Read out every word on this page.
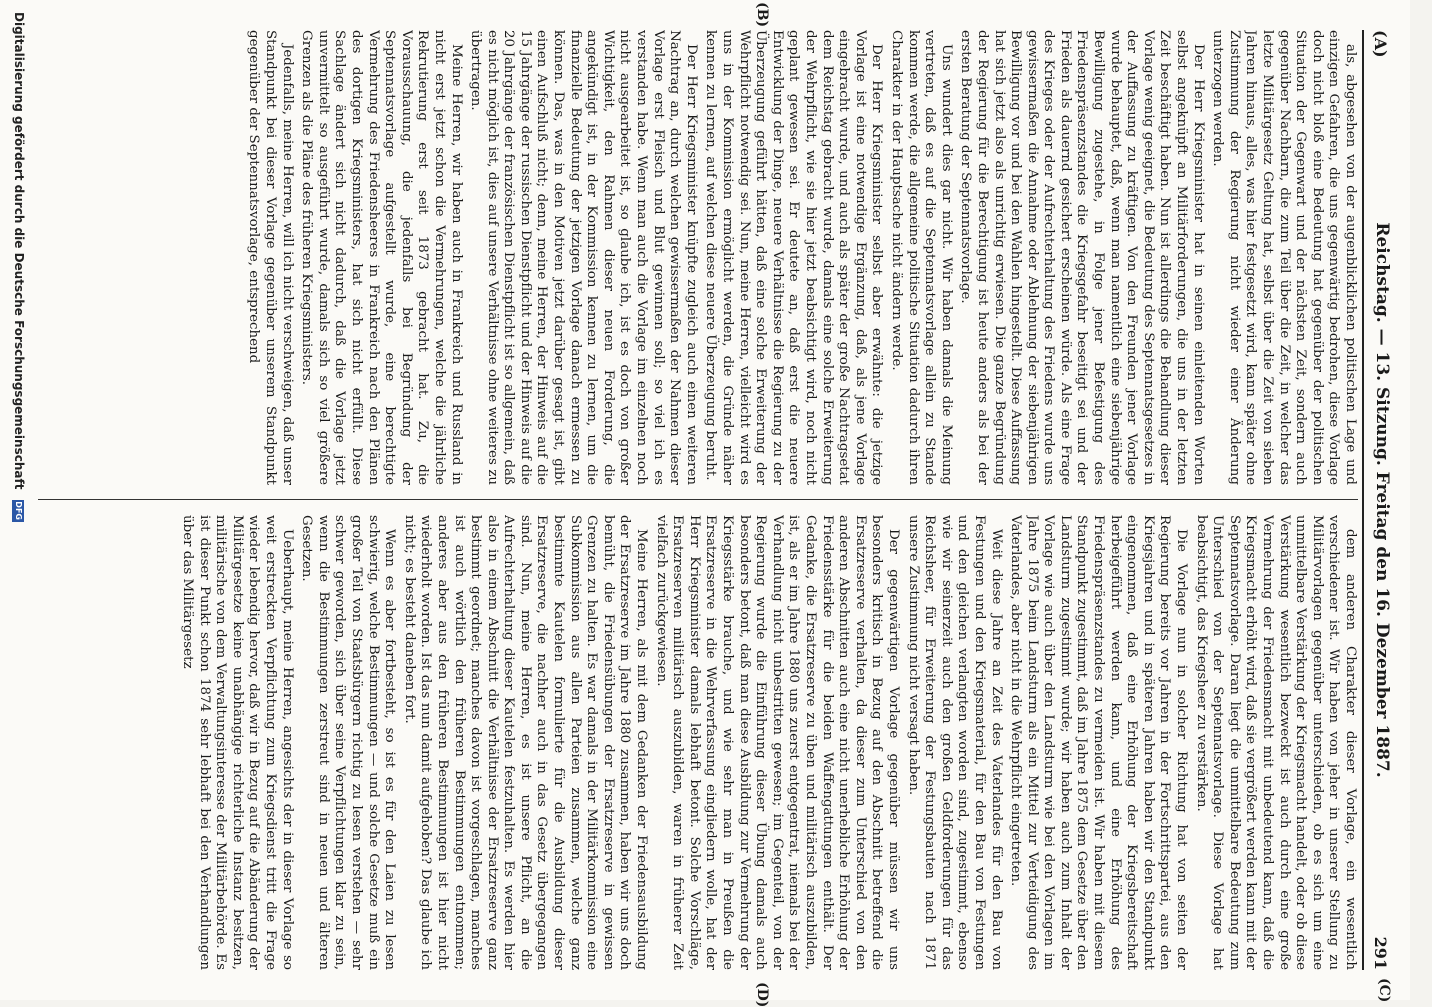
(A)
Reichstag. — 13. Sitzung. Freitag den 16. Dezember 1887.
291
(B)
(C)
(D)

als, abgesehen von der augenblicklichen politischen Lage und einzigen Gefahren, die uns gegenwärtig bedrohen, diese Vorlage doch nicht bloß eine Bedeutung hat gegenüber der politischen Situation der Gegenwart und der nächsten Zeit, sondern auch gegenüber Nachbarn, die zum Teil über die Zeit, in welcher das letzte Militärgesetz Geltung hat, selbst über die Zeit von sieben Jahren hinaus, alles, was hier festgesetzt wird, kann später ohne Zustimmung der Regierung nicht wieder einer Änderung unterzogen werden.

Der Herr Kriegsminister hat in seinen einleitenden Worten selbst angeknüpft an Militärforderungen, die uns in der letzten Zeit beschäftigt haben. Nun ist allerdings die Behandlung dieser Vorlage wenig geeignet, die Bedeutung des Septennatsgesetzes in der Auffassung zu kräftigen. Von den Freunden jener Vorlage wurde behauptet, daß, wenn man namentlich eine siebenjährige Bewilligung zugestehe, in Folge jener Befestigung des Friedenspräsenzstandes die Kriegsgefahr beseitigt sei und der Frieden als dauernd gesichert erscheinen würde. Als eine Frage des Krieges oder der Aufrechterhaltung des Friedens wurde uns gewissermaßen die Annahme oder Ablehnung der siebenjährigen Bewilligung vor und bei den Wahlen hingestellt. Diese Auffassung hat sich jetzt also als unrichtig erwiesen. Die ganze Begründung der Regierung für die Berechtigung ist heute anders als bei der ersten Beratung der Septennatsvorlage.

Uns wundert dies gar nicht. Wir haben damals die Meinung vertreten, daß es auf die Septennatsvorlage allein zu Stande kommen werde, die allgemeine politische Situation dadurch ihren Charakter in der Hauptsache nicht ändern werde.

Der Herr Kriegsminister selbst aber erwähnte: die jetzige Vorlage ist eine notwendige Ergänzung, daß, als jene Vorlage eingebracht wurde, und auch als später der große Nachtragsetat dem Reichstag gebracht wurde, damals eine solche Erweiterung der Wehrpflicht, wie sie hier jetzt beabsichtigt wird, noch nicht geplant gewesen sei. Er deutete an, daß erst die neuere Entwicklung der Dinge, neuere Verhältnisse die Regierung zu der Überzeugung geführt hätten, daß eine solche Erweiterung der Wehrpflicht notwendig sei. Nun, meine Herren, vielleicht wird es uns in der Kommission ermöglicht werden, die Gründe näher kennen zu lernen, auf welchen diese neuere Überzeugung beruht.

Der Herr Kriegsminister knüpfte zugleich auch einen weiteren Nachtrag an, durch welchen gewissermaßen der Nahmen dieser Vorlage erst Fleisch und Blut gewinnen soll; so viel ich es verstanden habe. Wenn man auch die Vorlage im einzelnen noch nicht ausgearbeitet ist, so glaube ich, ist es doch von großer Wichtigkeit, den Rahmen dieser neuen Forderung, die angekündigt ist, in der Kommission kennen zu lernen, um die finanzielle Bedeutung der jetzigen Vorlage danach ermessen zu können. Das, was in den Motiven jetzt darüber gesagt ist, gibt einen Aufschluß nicht; denn, meine Herren, der Hinweis auf die 15 Jahrgänge der russischen Dienstpflicht und der Hinweis auf die 20 Jahrgänge der französischen Dienstpflicht ist so allgemein, daß es nicht möglich ist, dies auf unsere Verhältnisse ohne weiteres zu übertragen.

Meine Herren, wir haben auch in Frankreich und Russland in nicht erst jetzt schon die Vermehrungen, welche die jährliche Rekrutierung erst seit 1873 gebracht hat. Zu, die Vorausschauung, die jedenfalls bei Begründung der Septennatsvorlage aufgestellt wurde, eine berechtigte Vermehrung des Friedensheeres in Frankreich nach den Plänen des dortigen Kriegsministers, hat sich nicht erfüllt. Diese Sachlage ändert sich nicht dadurch, daß die Vorlage jetzt unvermittelt so ausgeführt wurde, damals sich so viel größere Grenzen als die Pläne des früheren Kriegsministers.

Jedenfalls, meine Herren, will ich nicht verschweigen, daß unser Standpunkt bei dieser Vorlage gegenüber unserem Standpunkt gegenüber der Septennatsvorlage, entsprechend

dem anderen Charakter dieser Vorlage, ein wesentlich verschiedener ist. Wir haben von jeher in unserer Stellung zu Militärvorlagen gegenüber unterschieden, ob es sich um eine unmittelbare Verstärkung der Kriegsmacht handelt, oder ob diese Verstärkung wesentlich bezweckt ist auch durch eine große Vermehrung der Friedensmacht mit unbedeutend kann, daß die Kriegsmacht erhöht wird, daß sie vergrößert werden kann mit der Septennatsvorlage. Daran liegt die unmittelbare Bedeutung zum Unterschied von der Septennatsvorlage. Diese Vorlage hat beabsichtigt, das Kriegsheer zu verstärken.

Die Vorlage nun in solcher Richtung hat von seiten der Regierung bereits vor Jahren in der Fortschrittspartei, aus den Kriegsjahren und in späteren Jahren haben wir den Standpunkt eingenommen, daß eine Erhöhung der Kriegsbereitschaft herbeigeführt werden kann, und eine Erhöhung des Friedenspräsenzstandes zu vermeiden ist. Wir haben mit diesem Standpunkt zugestimmt, daß im Jahre 1875 dem Gesetze über den Landsturm zugestimmt wurde; wir haben auch zum Inhalt der Vorlage wie auch über den Landsturm wie bei den Vorlagen im Jahre 1875 beim Landsturm als ein Mittel zur Verteidigung des Vaterlandes, aber nicht in die Wehrpflicht eingetreten.

Weit diese Jahre an Zeit des Vaterlandes für den Bau von Festungen und den Kriegsmaterial, für den Bau von Festungen und den gleichen verlangten worden sind, zugestimmt, ebenso wie wir seinerzeit auch den großen Geldforderungen für das Reichsheer, für Erweiterung der Festungsbauten nach 1871 unsere Zustimmung nicht versagt haben.

Der gegenwärtigen Vorlage gegenüber müssen wir uns besonders kritisch in Bezug auf den Abschnitt betreffend die Ersatzreserve verhalten, da dieser zum Unterschied von den anderen Abschnitten auch eine nicht unerhebliche Erhöhung der Friedensstärke für die beiden Waffengattungen enthält. Der Gedanke, die Ersatzreserve zu üben und militärisch auszubilden, ist, als er im Jahre 1880 uns zuerst entgegentrat, niemals bei der Verhandlung nicht unbestritten gewesen; im Gegenteil, von der Regierung wurde die Einführung dieser Übung damals auch besonders betont, daß man diese Ausbildung zur Vermehrung der Kriegsstärke brauche, und wie sehr man in Preußen die Ersatzreserve in die Wehrverfassung eingliedern wolle, hat der Herr Kriegsminister damals lebhaft betont. Solche Vorschläge, Ersatzreserven militärisch auszubilden, waren in früherer Zeit vielfach zurückgewiesen.

Meine Herren, als mit dem Gedanken der Friedensausbildung der Ersatzreserve im Jahre 1880 zusammen, haben wir uns doch bemüht, die Friedensübungen der Ersatzreserve in gewissen Grenzen zu halten. Es war damals in der Militärkommission eine Subkommission aus allen Parteien zusammen, welche ganz bestimmte Kautelen formulierte für die Ausbildung dieser Ersatzreserve, die nachher auch in das Gesetz übergegangen sind. Nun, meine Herren, es ist unsere Pflicht, an die Aufrechterhaltung dieser Kautelen festzuhalten. Es werden hier also in einem Abschnitt die Verhältnisse der Ersatzreserve ganz bestimmt geordnet; manches davon ist vorgeschlagen, manches ist auch wörtlich den früheren Bestimmungen entnommen; anderes aber aus den früheren Bestimmungen ist hier nicht wiederholt worden. Ist das nun damit aufgehoben? Das glaube ich nicht; es besteht daneben fort.

Wenn es aber fortbesteht, so ist es für den Laien zu lesen schwierig, welche Bestimmungen — und solche Gesetze muß ein großer Teil von Staatsbürgern richtig zu lesen verstehen — sehr schwer geworden, sich über seine Verpflichtungen klar zu sein, wenn die Bestimmungen zerstreut sind in neuen und älteren Gesetzen.

Ueberhaupt, meine Herren, angesichts der in dieser Vorlage so weit erstreckten Verpflichtung zum Kriegsdienst tritt die Frage wieder lebendig hervor, daß wir in Bezug auf die Abänderung der Militärgesetze keine unabhängige richterliche Instanz besitzen, militärische von dem Verwaltungsinteresse der Militärbehörde. Es ist dieser Punkt schon 1874 sehr lebhaft bei den Verhandlungen über das Militärgesetz

Digitalisierung gefördert durch die Deutsche Forschungsgemeinschaft DFG
